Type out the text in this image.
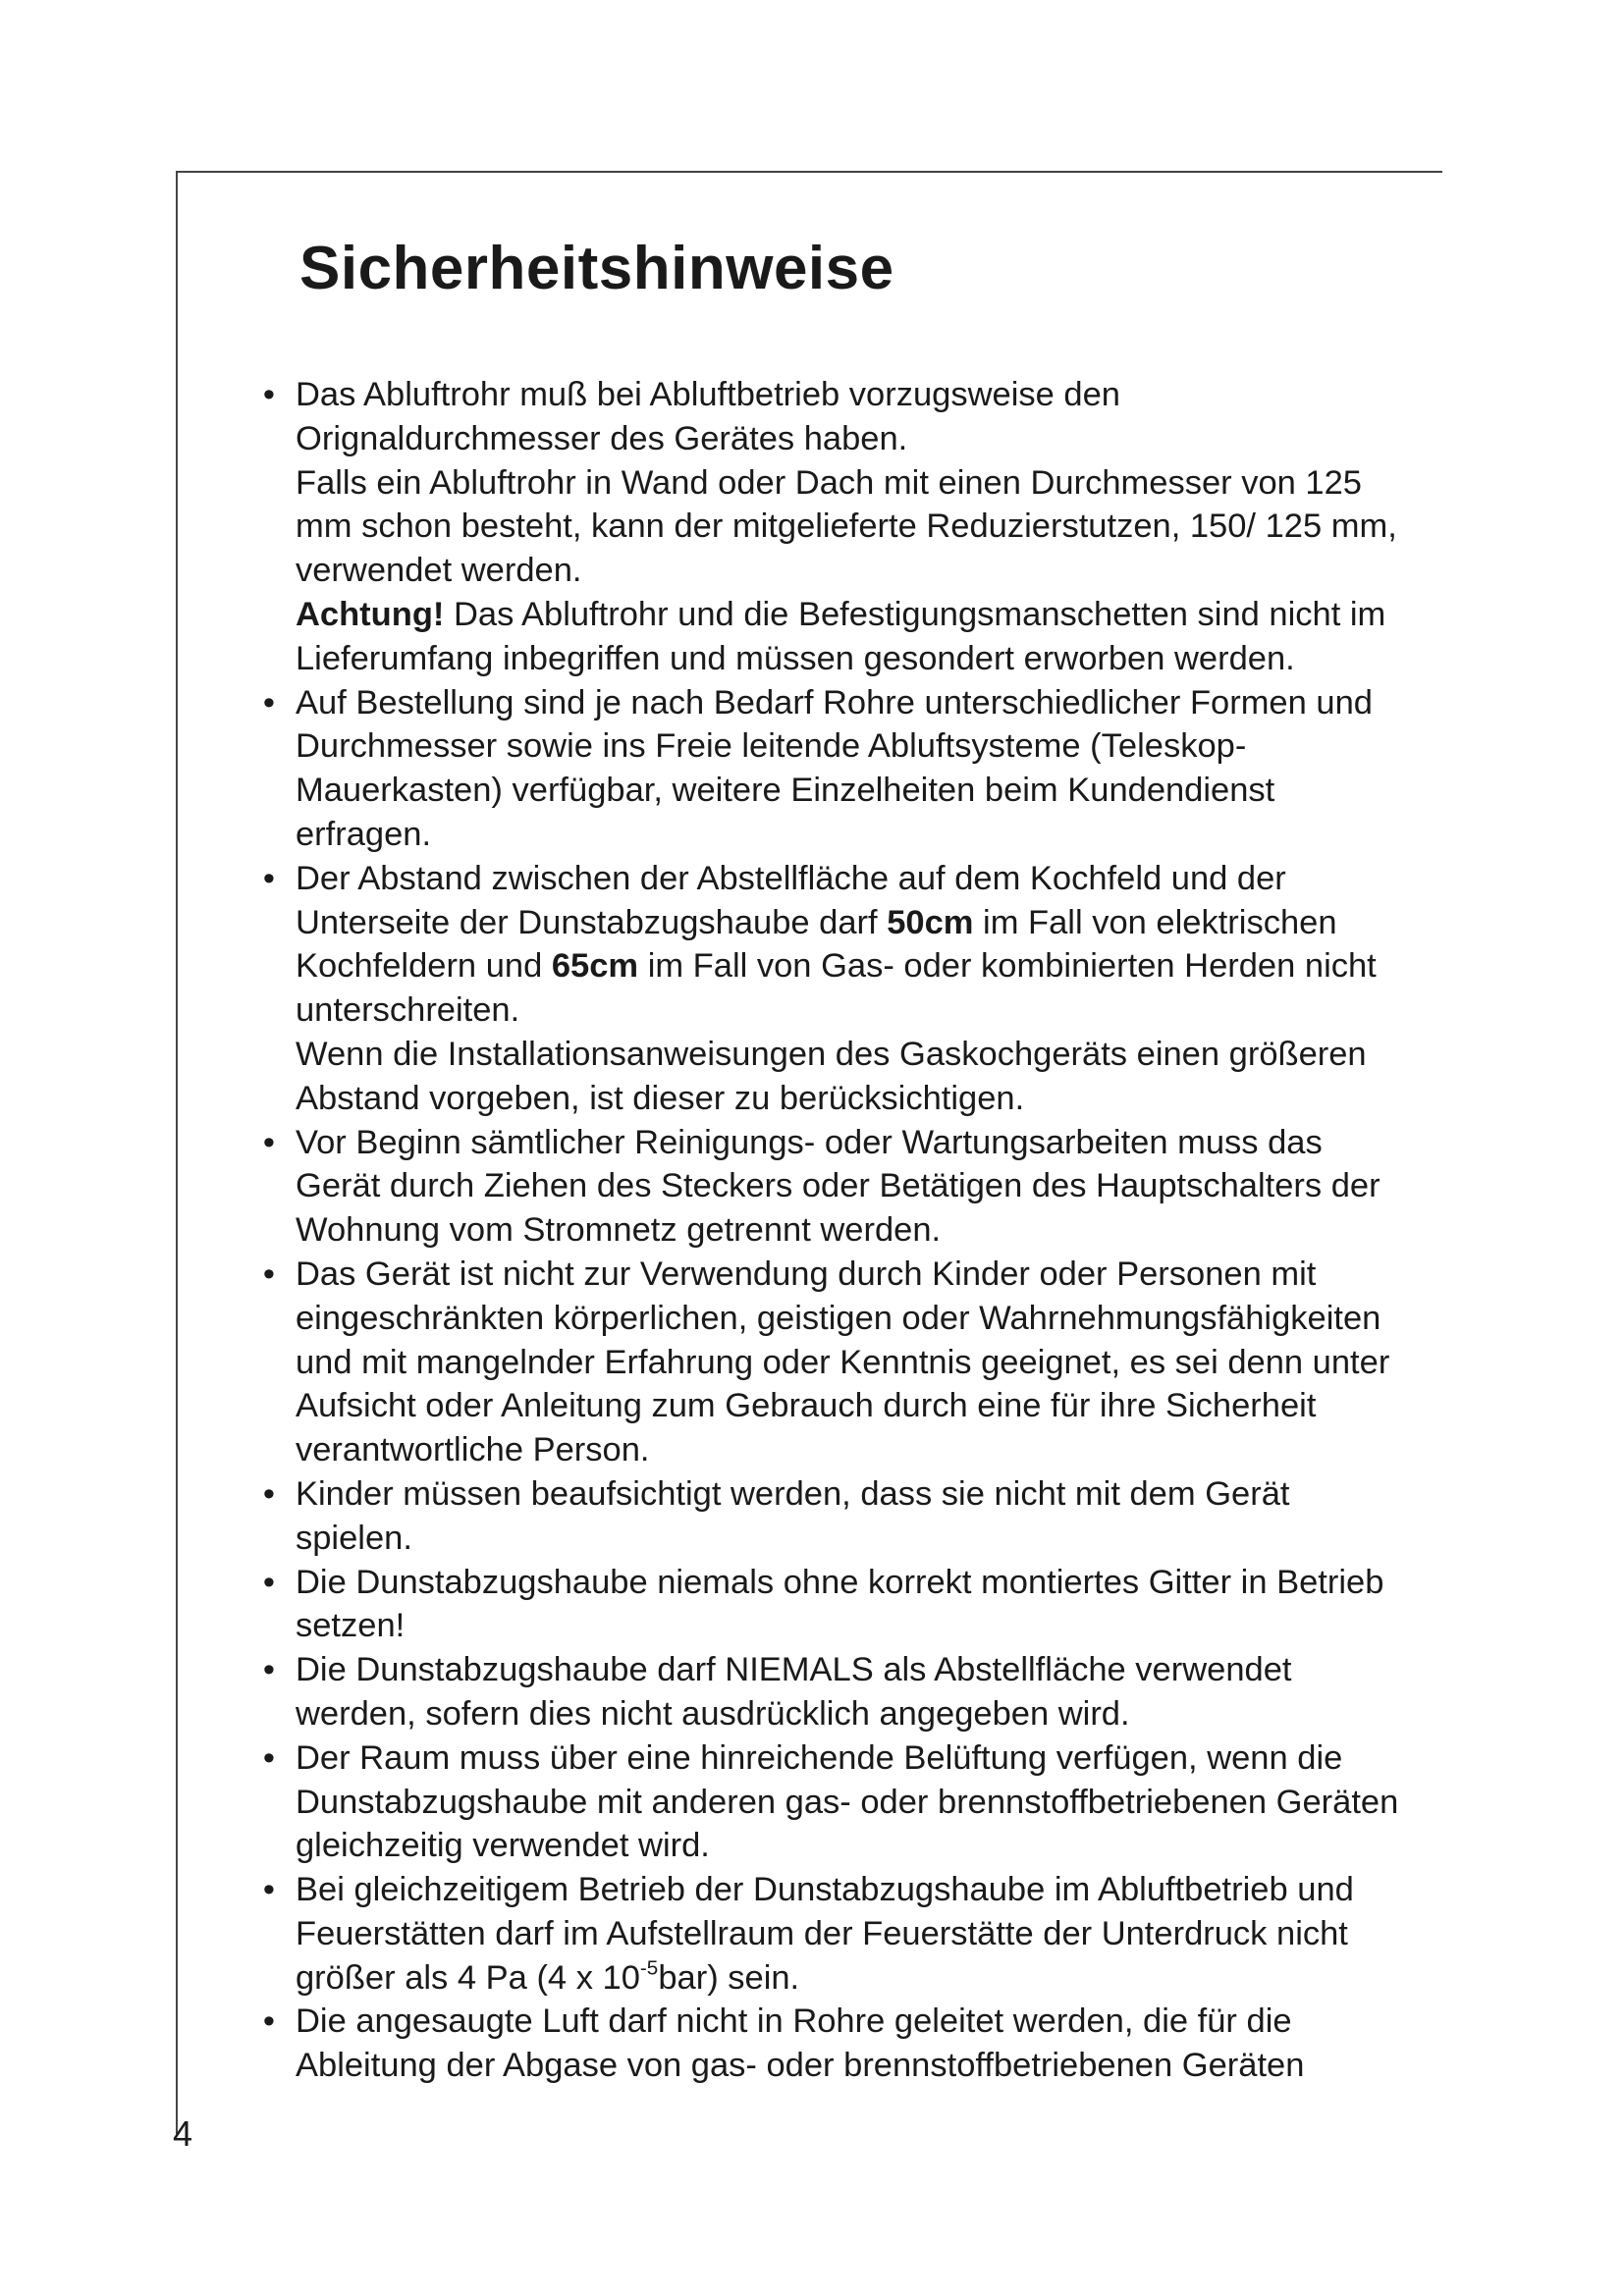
Sicherheitshinweise
• Das Abluftrohr muß bei Abluftbetrieb vorzugsweise den Orignaldurchmesser des Gerätes haben.
Falls ein Abluftrohr in Wand oder Dach mit einen Durchmesser von 125 mm schon besteht, kann der mitgelieferte Reduzierstutzen, 150/ 125 mm, verwendet werden.
Achtung! Das Abluftrohr und die Befestigungsmanschetten sind nicht im Lieferumfang inbegriffen und müssen gesondert erworben werden.
• Auf Bestellung sind je nach Bedarf Rohre unterschiedlicher Formen und Durchmesser sowie ins Freie leitende Abluftsysteme (Teleskop-Mauerkasten) verfügbar, weitere Einzelheiten beim Kundendienst erfragen.
• Der Abstand zwischen der Abstellfläche auf dem Kochfeld und der Unterseite der Dunstabzugshaube darf 50cm im Fall von elektrischen Kochfeldern und 65cm im Fall von Gas- oder kombinierten Herden nicht unterschreiten.
Wenn die Installationsanweisungen des Gaskochgeräts einen größeren Abstand vorgeben, ist dieser zu berücksichtigen.
• Vor Beginn sämtlicher Reinigungs- oder Wartungsarbeiten muss das Gerät durch Ziehen des Steckers oder Betätigen des Hauptschalters der Wohnung vom Stromnetz getrennt werden.
• Das Gerät ist nicht zur Verwendung durch Kinder oder Personen mit eingeschränkten körperlichen, geistigen oder Wahrnehmungsfähigkeiten und mit mangelnder Erfahrung oder Kenntnis geeignet, es sei denn unter Aufsicht oder Anleitung zum Gebrauch durch eine für ihre Sicherheit verantwortliche Person.
• Kinder müssen beaufsichtigt werden, dass sie nicht mit dem Gerät spielen.
• Die Dunstabzugshaube niemals ohne korrekt montiertes Gitter in Betrieb setzen!
• Die Dunstabzugshaube darf NIEMALS als Abstellfläche verwendet werden, sofern dies nicht ausdrücklich angegeben wird.
• Der Raum muss über eine hinreichende Belüftung verfügen, wenn die Dunstabzugshaube mit anderen gas- oder brennstoffbetriebenen Geräten gleichzeitig verwendet wird.
• Bei gleichzeitigem Betrieb der Dunstabzugshaube im Abluftbetrieb und Feuerstätten darf im Aufstellraum der Feuerstätte der Unterdruck nicht größer als 4 Pa (4 x $10^{-5}bar$) sein.
• Die angesaugte Luft darf nicht in Rohre geleitet werden, die für die Ableitung der Abgase von gas- oder brennstoffbetriebenen Geräten
4
